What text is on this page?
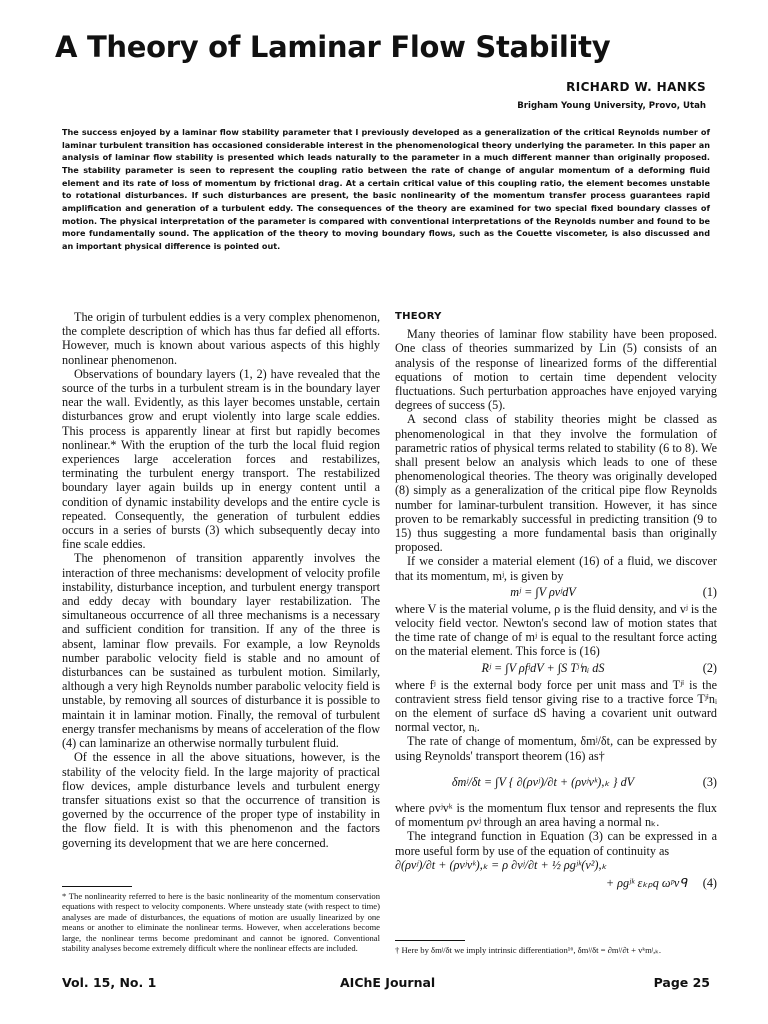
A Theory of Laminar Flow Stability
RICHARD W. HANKS
Brigham Young University, Provo, Utah

The success enjoyed by a laminar flow stability parameter that I previously developed as a generalization of the critical Reynolds number of laminar turbulent transition has occasioned considerable interest in the phenomenological theory underlying the parameter. In this paper an analysis of laminar flow stability is presented which leads naturally to the parameter in a much different manner than originally proposed. The stability parameter is seen to represent the coupling ratio between the rate of change of angular momentum of a deforming fluid element and its rate of loss of momentum by frictional drag. At a certain critical value of this coupling ratio, the element becomes unstable to rotational disturbances. If such disturbances are present, the basic nonlinearity of the momentum transfer process guarantees rapid amplification and generation of a turbulent eddy. The consequences of the theory are examined for two special fixed boundary classes of motion. The physical interpretation of the parameter is compared with conventional interpretations of the Reynolds number and found to be more fundamentally sound. The application of the theory to moving boundary flows, such as the Couette viscometer, is also discussed and an important physical difference is pointed out.

The origin of turbulent eddies is a very complex phenomenon, the complete description of which has thus far defied all efforts. However, much is known about various aspects of this highly nonlinear phenomenon.

Observations of boundary layers (1, 2) have revealed that the source of the turbs in a turbulent stream is in the boundary layer near the wall. Evidently, as this layer becomes unstable, certain disturbances grow and erupt violently into large scale eddies. This process is apparently linear at first but rapidly becomes nonlinear.* With the eruption of the turb the local fluid region experiences large acceleration forces and restabilizes, terminating the turbulent energy transport. The restabilized boundary layer again builds up in energy content until a condition of dynamic instability develops and the entire cycle is repeated. Consequently, the generation of turbulent eddies occurs in a series of bursts (3) which subsequently decay into fine scale eddies.

The phenomenon of transition apparently involves the interaction of three mechanisms: development of velocity profile instability, disturbance inception, and turbulent energy transport and eddy decay with boundary layer restabilization. The simultaneous occurrence of all three mechanisms is a necessary and sufficient condition for transition. If any of the three is absent, laminar flow prevails. For example, a low Reynolds number parabolic velocity field is stable and no amount of disturbances can be sustained as turbulent motion. Similarly, although a very high Reynolds number parabolic velocity field is unstable, by removing all sources of disturbance it is possible to maintain it in laminar motion. Finally, the removal of turbulent energy transfer mechanisms by means of acceleration of the flow (4) can laminarize an otherwise normally turbulent fluid.

Of the essence in all the above situations, however, is the stability of the velocity field. In the large majority of practical flow devices, ample disturbance levels and turbulent energy transfer situations exist so that the occurrence of transition is governed by the occurrence of the proper type of instability in the flow field. It is with this phenomenon and the factors governing its development that we are here concerned.

* The nonlinearity referred to here is the basic nonlinearity of the momentum conservation equations with respect to velocity components. Where unsteady state (with respect to time) analyses are made of disturbances, the equations of motion are usually linearized by one means or another to eliminate the nonlinear terms. However, when accelerations become large, the nonlinear terms become predominant and cannot be ignored. Conventional stability analyses become extremely difficult where the nonlinear effects are included.
THEORY

Many theories of laminar flow stability have been proposed. One class of theories summarized by Lin (5) consists of an analysis of the response of linearized forms of the differential equations of motion to certain time dependent velocity fluctuations. Such perturbation approaches have enjoyed varying degrees of success (5).

A second class of stability theories might be classed as phenomenological in that they involve the formulation of parametric ratios of physical terms related to stability (6 to 8). We shall present below an analysis which leads to one of these phenomenological theories. The theory was originally developed (8) simply as a generalization of the critical pipe flow Reynolds number for laminar-turbulent transition. However, it has since proven to be remarkably successful in predicting transition (9 to 15) thus suggesting a more fundamental basis than originally proposed.

If we consider a material element (16) of a fluid, we discover that its momentum, mʲ, is given by

mʲ = ∫V ρvʲdV	(1)

where V is the material volume, ρ is the fluid density, and vʲ is the velocity field vector. Newton's second law of motion states that the time rate of change of mʲ is equal to the resultant force acting on the material element. This force is (16)

Rʲ = ∫V ρfʲdV + ∫S Tʲⁱnᵢ dS	(2)

where fʲ is the external body force per unit mass and Tʲⁱ is the contravient stress field tensor giving rise to a tractive force Tʲⁱnᵢ on the element of surface dS having a covarient unit outward normal vector, nᵢ.

The rate of change of momentum, δmʲ/δt, can be expressed by using Reynolds' transport theorem (16) as†

δmʲ/δt = ∫V { ∂(ρvʲ)/∂t + (ρvʲvᵏ),ₖ } dV	(3)

where ρvʲvᵏ is the momentum flux tensor and represents the flux of momentum ρvʲ through an area having a normal nₖ.

The integrand function in Equation (3) can be expressed in a more useful form by use of the equation of continuity as

∂(ρvʲ)/∂t + (ρvʲvᵏ),ₖ = ρ ∂vʲ/∂t + ½ ρgʲᵏ(v²),ₖ
+ ρgʲᵏ εₖₚq ωᵖvᑫ (4)
† Here by δmʲ/δt we imply intrinsic differentiation¹⁶, δmʲ/δt = ∂mʲ/∂t + vᵏmʲ,ₖ.
Vol. 15, No. 1	AIChE Journal	Page 25
